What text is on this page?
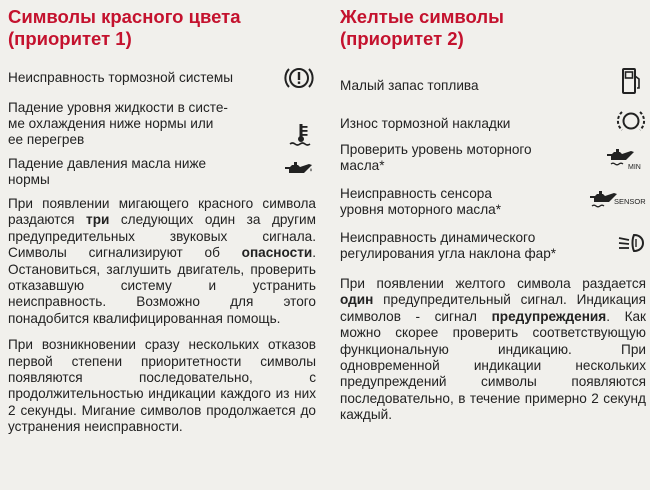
Символы красного цвета
(приоритет 1)
Неисправность тормозной системы
Падение уровня жидкости в систе-
ме охлаждения ниже нормы или
ее перегрев
Падение давления масла ниже
нормы

При появлении мигающего красного символа раздаются три следующих один за другим предупредительных звуковых сигнала. Символы сигнализируют об опасности. Остановиться, заглушить двигатель, проверить отказавшую систему и устранить неисправность. Возможно для этого понадобится квалифицированная помощь.

При возникновении сразу нескольких отказов первой степени приоритетности символы появляются последовательно, с продолжительностью индикации каждого из них 2 секунды. Мигание символов продолжается до устранения неисправности.

Желтые символы
(приоритет 2)
Малый запас топлива
Износ тормозной накладки
Проверить уровень моторного
масла*	MIN
Неисправность сенсора
уровня моторного масла*
SENSOR
Неисправность динамического
регулирования угла наклона фар*

При появлении желтого символа раздается один предупредительный сигнал. Индикация символов - сигнал предупреждения. Как можно скорее проверить соответствующую функциональную индикацию. При одновременной индикации нескольких предупреждений символы появляются последовательно, в течение примерно 2 секунд каждый.
